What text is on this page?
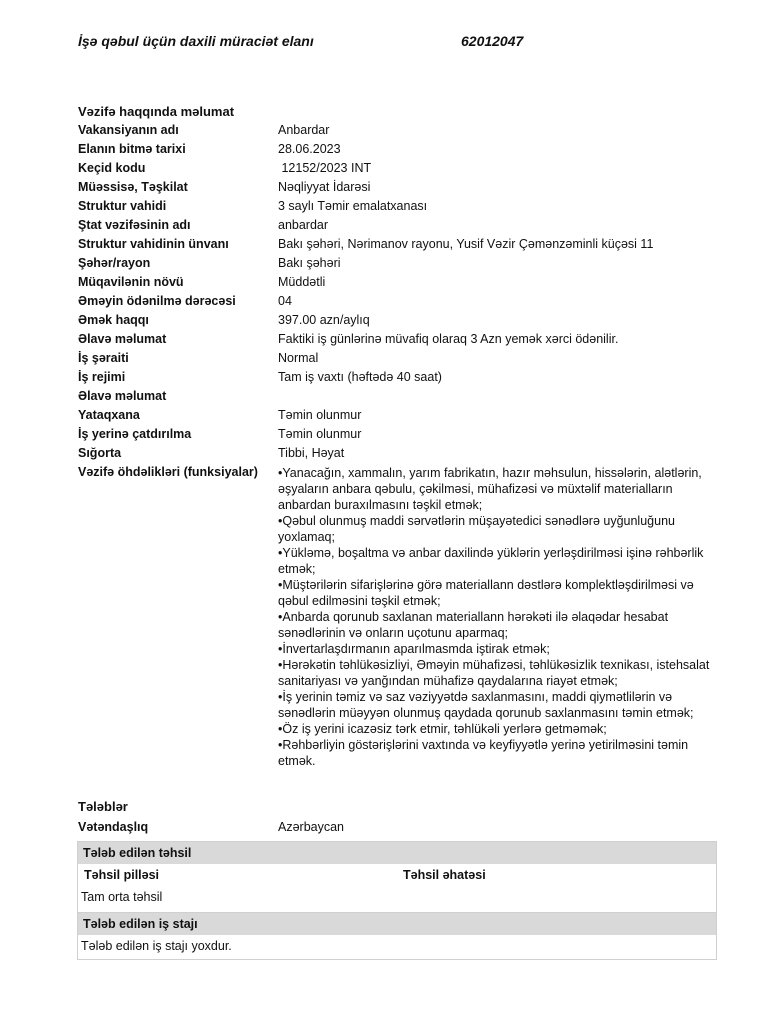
İşə qəbul üçün daxili müraciət elanı	62012047
Vəzifə haqqında məlumat
Vakansiyanın adı	Anbardar
Elanın bitmə tarixi	28.06.2023
Keçid kodu	12152/2023 INT
Müəssisə, Təşkilat	Nəqliyyat İdarəsi
Struktur vahidi	3 saylı Təmir emalatxanası
Ştat vəzifəsinin adı	anbardar
Struktur vahidinin ünvanı	Bakı şəhəri, Nərimanov rayonu, Yusif Vəzir Çəmənzəminli küçəsi 11
Şəhər/rayon	Bakı şəhəri
Müqavilənin növü	Müddətli
Əməyin ödənilmə dərəcəsi	04
Əmək haqqı	397.00 azn/aylıq
Əlavə məlumat	Faktiki iş günlərinə müvafiq olaraq 3 Azn yemək xərci ödənilir.
İş şəraiti	Normal
İş rejimi	Tam iş vaxtı (həftədə 40 saat)
Əlavə məlumat
Yataqxana	Təmin olunmur
İş yerinə çatdırılma	Təmin olunmur
Sığorta	Tibbi, Həyat
Vəzifə öhdəlikləri (funksiyalar) •Yanacağın, xammalın, yarım fabrikatın, hazır məhsulun, hissələrin, alətlərin, əşyaların anbara qəbulu, çəkilməsi, mühafizəsi və müxtəlif materialların anbardan buraxılmasını təşkil etmək;

•Qəbul olunmuş maddi sərvətlərin müşayətedici sənədlərə uyğunluğunu yoxlamaq;

•Yükləmə, boşaltma və anbar daxilində yüklərin yerləşdirilməsi işinə rəhbərlik etmək;

•Müştərilərin sifarişlərinə görə materiallann dəstlərə komplektləşdirilməsi və qəbul edilməsini təşkil etmək;

•Anbarda qorunub saxlanan materiallann hərəkəti ilə əlaqədar hesabat sənədlərinin və onların uçotunu aparmaq;

•İnvertarlaşdırmanın aparılmasmda iştirak etmək;

•Hərəkətin təhlükəsizliyi, Əməyin mühafizəsi, təhlükəsizlik texnikası, istehsalat sanitariyası və yanğından mühafizə qaydalarına riayət etmək;

•İş yerinin təmiz və saz vəziyyətdə saxlanmasını, maddi qiymətlilərin və sənədlərin müəyyən olunmuş qaydada qorunub saxlanmasını təmin etmək;

•Öz iş yerini icazəsiz tərk etmir, təhlükəli yerlərə getməmək;

•Rəhbərliyin göstərişlərini vaxtında və keyfiyyətlə yerinə yetirilməsini təmin etmək.

Tələblər
Vətəndaşlıq	Azərbaycan
Tələb edilən təhsil
Təhsil pilləsi	Təhsil əhatəsi
Tam orta təhsil
Tələb edilən iş stajı
Tələb edilən iş stajı yoxdur.
